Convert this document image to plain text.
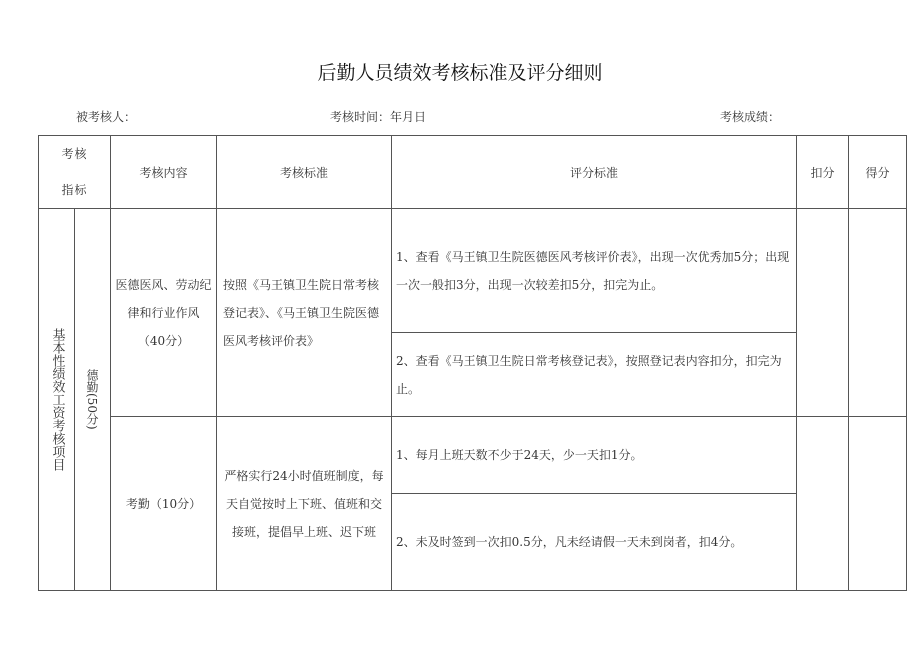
后勤人员绩效考核标准及评分细则
被考核人：	考核时间：年月日	考核成绩：
考核
指标		考核内容	考核标准	评分标准	扣分	得分

基本性绩效工资考核项目	德勤(50分)	医德医风、劳动纪律和行业作风（40分）	按照《马王镇卫生院日常考核登记表》、《马王镇卫生院医德医风考核评价表》	1、查看《马王镇卫生院医德医风考核评价表》，出现一次优秀加5分；出现一次一般扣3分，出现一次较差扣5分，扣完为止。		
				2、查看《马王镇卫生院日常考核登记表》，按照登记表内容扣分，扣完为止。		
		考勤（10分）	严格实行24小时值班制度，每天自觉按时上下班、值班和交接班，提倡早上班、迟下班	1、每月上班天数不少于24天，少一天扣1分。		
				2、未及时签到一次扣0.5分，凡未经请假一天未到岗者，扣4分。		
